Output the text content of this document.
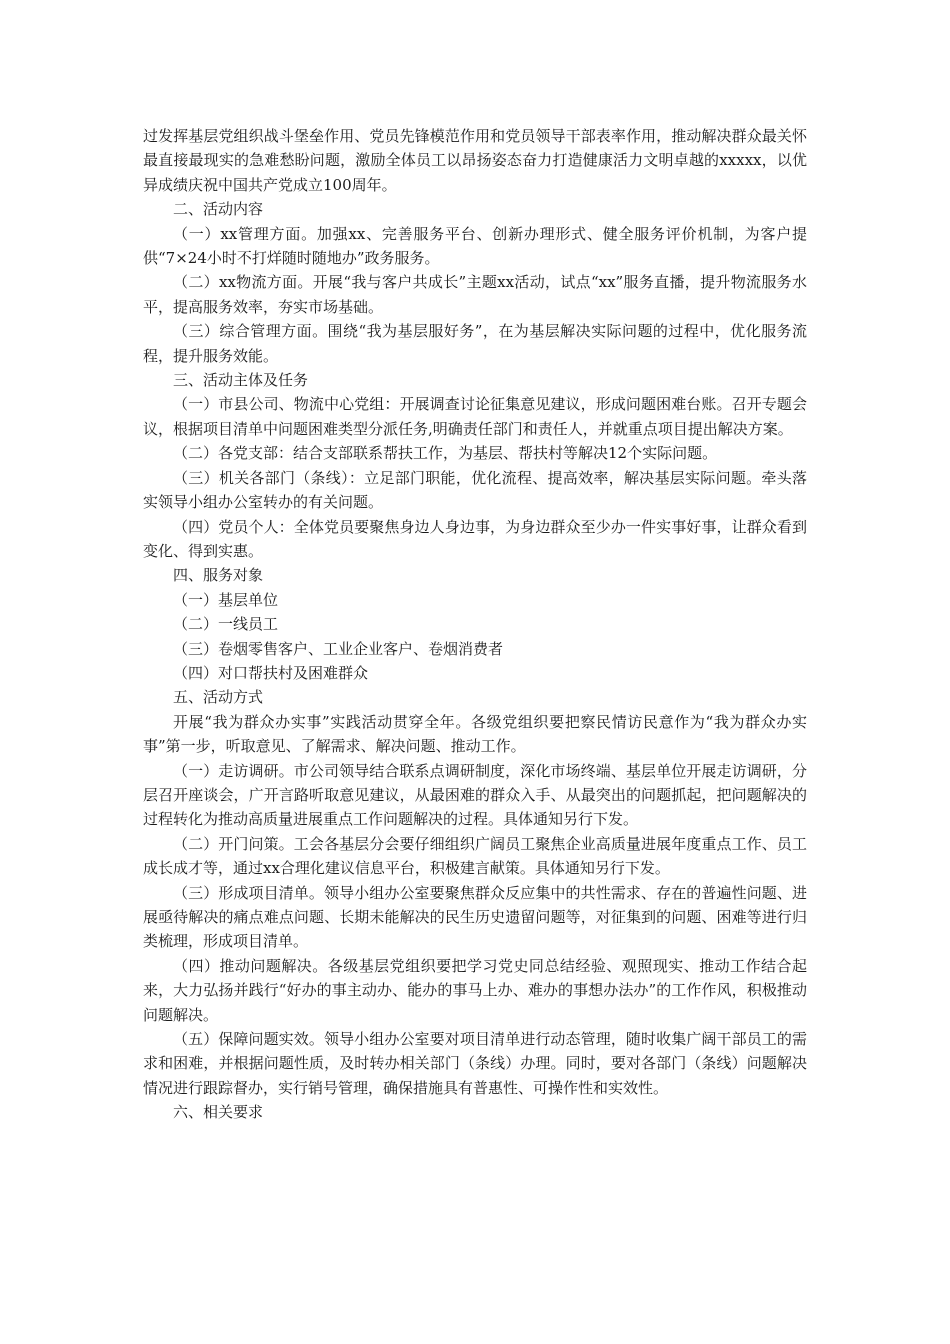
过发挥基层党组织战斗堡垒作用、党员先锋模范作用和党员领导干部表率作用，推动解决群众最关怀最直接最现实的急难愁盼问题，激励全体员工以昂扬姿态奋力打造健康活力文明卓越的xxxxx，以优异成绩庆祝中国共产党成立100周年。

二、活动内容

（一）xx管理方面。加强xx、完善服务平台、创新办理形式、健全服务评价机制，为客户提供“7×24小时不打烊随时随地办”政务服务。

（二）xx物流方面。开展“我与客户共成长”主题xx活动，试点“xx”服务直播，提升物流服务水平，提高服务效率，夯实市场基础。

（三）综合管理方面。围绕“我为基层服好务”，在为基层解决实际问题的过程中，优化服务流程，提升服务效能。

三、活动主体及任务

（一）市县公司、物流中心党组：开展调查讨论征集意见建议，形成问题困难台账。召开专题会议，根据项目清单中问题困难类型分派任务,明确责任部门和责任人，并就重点项目提出解决方案。

（二）各党支部：结合支部联系帮扶工作，为基层、帮扶村等解决12个实际问题。

（三）机关各部门（条线）：立足部门职能，优化流程、提高效率，解决基层实际问题。牵头落实领导小组办公室转办的有关问题。

（四）党员个人：全体党员要聚焦身边人身边事，为身边群众至少办一件实事好事，让群众看到变化、得到实惠。

四、服务对象

（一）基层单位

（二）一线员工

（三）卷烟零售客户、工业企业客户、卷烟消费者

（四）对口帮扶村及困难群众

五、活动方式

开展“我为群众办实事”实践活动贯穿全年。各级党组织要把察民情访民意作为“我为群众办实事”第一步，听取意见、了解需求、解决问题、推动工作。

（一）走访调研。市公司领导结合联系点调研制度，深化市场终端、基层单位开展走访调研，分层召开座谈会，广开言路听取意见建议，从最困难的群众入手、从最突出的问题抓起，把问题解决的过程转化为推动高质量进展重点工作问题解决的过程。具体通知另行下发。

（二）开门问策。工会各基层分会要仔细组织广阔员工聚焦企业高质量进展年度重点工作、员工成长成才等，通过xx合理化建议信息平台，积极建言献策。具体通知另行下发。

（三）形成项目清单。领导小组办公室要聚焦群众反应集中的共性需求、存在的普遍性问题、进展亟待解决的痛点难点问题、长期未能解决的民生历史遗留问题等，对征集到的问题、困难等进行归类梳理，形成项目清单。

（四）推动问题解决。各级基层党组织要把学习党史同总结经验、观照现实、推动工作结合起来，大力弘扬并践行“好办的事主动办、能办的事马上办、难办的事想办法办”的工作作风，积极推动问题解决。

（五）保障问题实效。领导小组办公室要对项目清单进行动态管理，随时收集广阔干部员工的需求和困难，并根据问题性质，及时转办相关部门（条线）办理。同时，要对各部门（条线）问题解决情况进行跟踪督办，实行销号管理，确保措施具有普惠性、可操作性和实效性。

六、相关要求
